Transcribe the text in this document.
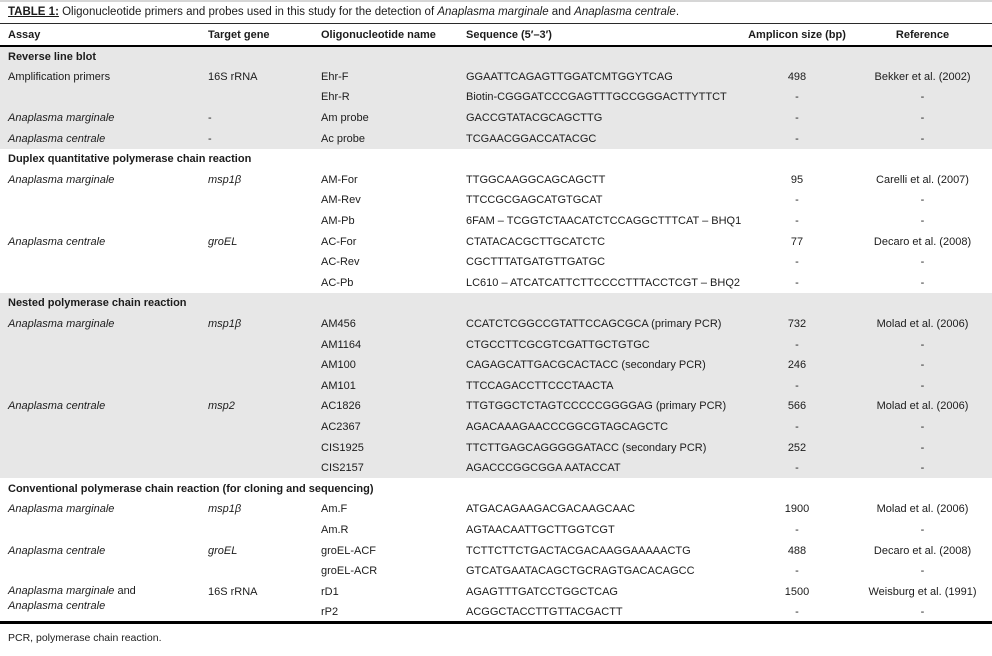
TABLE 1: Oligonucleotide primers and probes used in this study for the detection of Anaplasma marginale and Anaplasma centrale.
Assay	Target gene	Oligonucleotide name	Sequence (5′–3′)	Amplicon size (bp)	Reference
Reverse line blot					
Amplification primers	16S rRNA	Ehr-F	GGAATTCAGAGTTGGATCMTGGYTCAG	498	Bekker et al. (2002)
		Ehr-R	Biotin-CGGGATCCCGAGTTTGCCGGGACTTYTTCT	-	-
Anaplasma marginale	-	Am probe	GACCGTATACGCAGCTTG	-	-
Anaplasma centrale	-	Ac probe	TCGAACGGACCATACGC	-	-
Duplex quantitative polymerase chain reaction					
Anaplasma marginale	msp1β	AM-For	TTGGCAAGGCAGCAGCTT	95	Carelli et al. (2007)
		AM-Rev	TTCCGCGAGCATGTGCAT	-	-
		AM-Pb	6FAM – TCGGTCTAACATCTCCAGGCTTTCAT – BHQ1	-	-
Anaplasma centrale	groEL	AC-For	CTATACACGCTTGCATCTC	77	Decaro et al. (2008)
		AC-Rev	CGCTTTATGATGTTGATGC	-	-
		AC-Pb	LC610 – ATCATCATTCTTCCCCTTTACCTCGT – BHQ2	-	-
Nested polymerase chain reaction					
Anaplasma marginale	msp1β	AM456	CCATCTCGGCCGTATTCCAGCGCA (primary PCR)	732	Molad et al. (2006)
		AM1164	CTGCCTTCGCGTCGATTGCTGTGC	-	-
		AM100	CAGAGCATTGACGCACTACC (secondary PCR)	246	-
		AM101	TTCCAGACCTTCCCTAACTA	-	-
Anaplasma centrale	msp2	AC1826	TTGTGGCTCTAGTCCCCCGGGGAG (primary PCR)	566	Molad et al. (2006)
		AC2367	AGACAAAGAACCCGGCGTAGCAGCTC	-	-
		CIS1925	TTCTTGAGCAGGGGGATACC (secondary PCR)	252	-
		CIS2157	AGACCCGGCGGA AATACCAT	-	-
Conventional polymerase chain reaction (for cloning and sequencing)					
Anaplasma marginale	msp1β	Am.F	ATGACAGAAGACGACAAGCAAC	1900	Molad et al. (2006)
		Am.R	AGTAACAATTGCTTGGTCGT	-	-
Anaplasma centrale	groEL	groEL-ACF	TCTTCTTCTGACTACGACAAGGAAAAACTG	488	Decaro et al. (2008)
		groEL-ACR	GTCATGAATACAGCTGCRAGTGACACAGCC	-	-

Anaplasma marginale and
Anaplasma centrale	16S rRNA	rD1	AGAGTTTGATCCTGGCTCAG	1500	Weisburg et al. (1991)
		rP2	ACGGCTACCTTGTTACGACTT	-	-
PCR, polymerase chain reaction.
